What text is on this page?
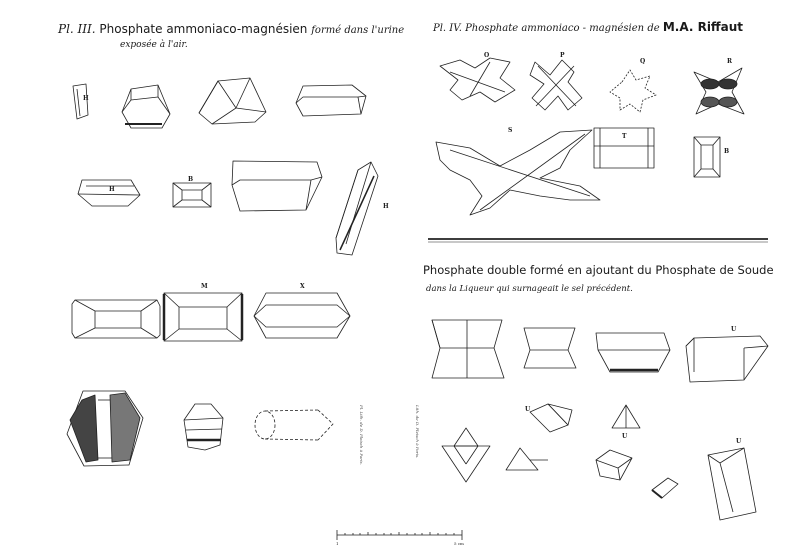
Pl. III. Phosphate ammoniaco-magnésien formé dans l'urine
exposée à l'air.
H
H
B
H
M	X
Pl. Lith. de D. Pleisch à Paris.	Lith. de D. Pleisch à Paris.
Pl. IV. Phosphate ammoniaco - magnésien de M.A. Riffaut
O	P
Q	R
S
T
B
Phosphate double formé en ajoutant du Phosphate de Soude
dans la Liqueur qui surnageait le sel précédent.
U
U
U
U
1	5 cm
